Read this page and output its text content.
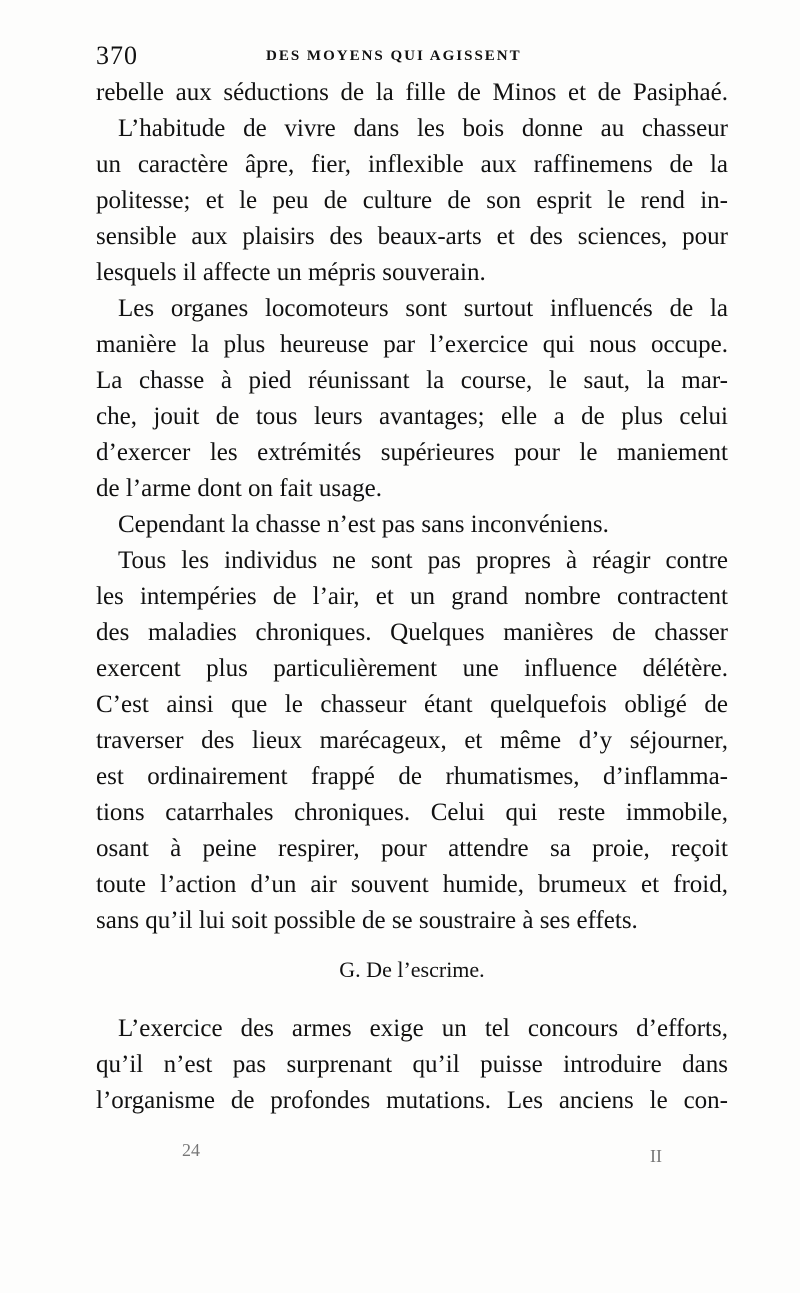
370	DES MOYENS QUI AGISSENT
rebelle aux séductions de la fille de Minos et de Pasiphaé.
L’habitude de vivre dans les bois donne au chasseur
un caractère âpre, fier, inflexible aux raffinemens de la
politesse; et le peu de culture de son esprit le rend in-
sensible aux plaisirs des beaux-arts et des sciences, pour
lesquels il affecte un mépris souverain.
Les organes locomoteurs sont surtout influencés de la
manière la plus heureuse par l’exercice qui nous occupe.
La chasse à pied réunissant la course, le saut, la mar-
che, jouit de tous leurs avantages; elle a de plus celui
d’exercer les extrémités supérieures pour le maniement
de l’arme dont on fait usage.
Cependant la chasse n’est pas sans inconvéniens.
Tous les individus ne sont pas propres à réagir contre
les intempéries de l’air, et un grand nombre contractent
des maladies chroniques. Quelques manières de chasser
exercent plus particulièrement une influence délétère.
C’est ainsi que le chasseur étant quelquefois obligé de
traverser des lieux marécageux, et même d’y séjourner,
est ordinairement frappé de rhumatismes, d’inflamma-
tions catarrhales chroniques. Celui qui reste immobile,
osant à peine respirer, pour attendre sa proie, reçoit
toute l’action d’un air souvent humide, brumeux et froid,
sans qu’il lui soit possible de se soustraire à ses effets.
G. De l’escrime.
L’exercice des armes exige un tel concours d’efforts,
qu’il n’est pas surprenant qu’il puisse introduire dans
l’organisme de profondes mutations. Les anciens le con-
24	II
